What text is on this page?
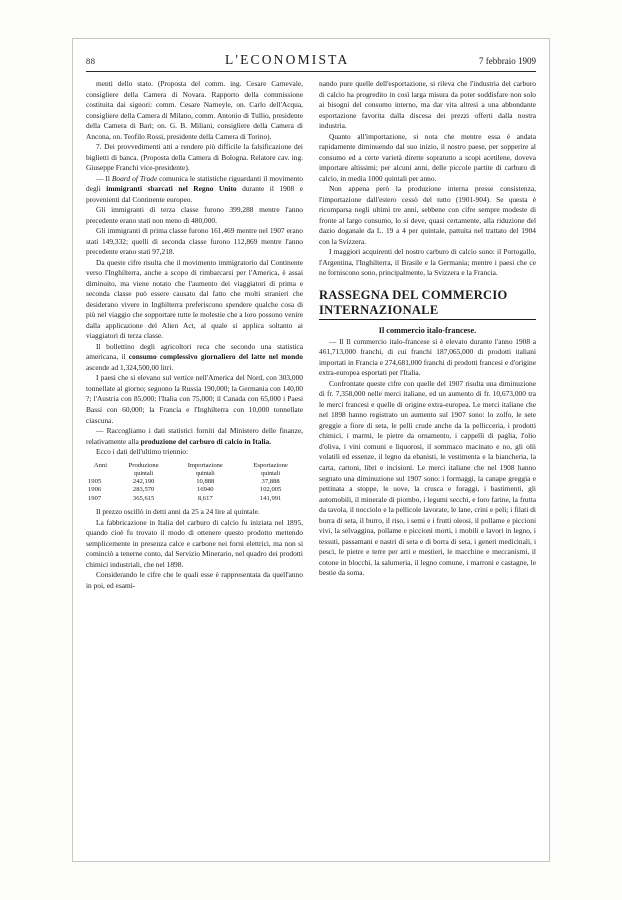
88	L'ECONOMISTA	7 febbraio 1909

menti dello stato. (Proposta del comm. ing. Cesare Carnevale, consigliere della Camera di Novara. Rapporto della commissione costituita dai signori: comm. Cesare Narneyle, on. Carlo dell'Acqua, consigliere della Camera di Milano, comm. Antonio di Tullio, presidente della Camera di Bari; on. G. B. Miliani, consigliere della Camera di Ancona, on. Teofilo Rossi, presidente della Camera di Torino).

7. Dei provvedimenti atti a rendere più difficile la falsificazione dei biglietti di banca. (Proposta della Camera di Bologna. Relatore cav. ing. Giuseppe Franchi vice-presidente).

— Il Board of Trade comunica le statistiche riguardanti il movimento degli immigranti sbarcati nel Regno Unito durante il 1908 e provenienti dal Continente europeo.

Gli immigranti di terza classe furono 399,288 mentre l'anno precedente erano stati non meno di 480,000.

Gli immigranti di prima classe furono 161,469 mentre nel 1907 erano stati 149,332; quelli di seconda classe furono 112,869 mentre l'anno precedente erano stati 97,218.

Da queste cifre risulta che il movimento immigratorio dal Continente verso l'Inghilterra, anche a scopo di rimbarcarsi per l'America, è assai diminuito, ma viene notato che l'aumento dei viaggiatori di prima e seconda classe può essere causato dal fatto che molti stranieri che desiderano vivere in Inghilterra preferiscono spendere qualche cosa di più nel viaggio che sopportare tutte le molestie che a loro possono venire dalla applicazione del Alien Act, al quale si applica soltanto ai viaggiatori di terza classe.

Il bollettino degli agricoltori reca che secondo una statistica americana, il consumo complessivo giornaliero del latte nel mondo ascende ad 1,324,500,00 litri.

I paesi che si elevano sul vertice nell'America del Nord, con 303,000 tonnellate al giorno; seguono la Russia 190,000; la Germania con 140,00 ?; l'Austria con 85,000; l'Italia con 75,000; il Canada con 65,000 i Paesi Bassi con 60,000; la Francia e l'Inghilterra con 10,000 tonnellate ciascuna.

— Raccogliamo i dati statistici forniti dal Ministero delle finanze, relativamente alla produzione del carburo di calcio in Italia.

Ecco i dati dell'ultimo triennio:

Anni	Produzione	Importazione	Esportazione
	quintali	quintali	quintali
1905	242,190	10,888	37,888
1906	283,570	16940	102,005
1907	365,615	8,617	141,991

Il prezzo oscillò in detti anni da 25 a 24 lire al quintale.

La fabbricazione in Italia del carburo di calcio fu iniziata nel 1895, quando cioè fu trovato il modo di ottenere questo prodotto mettendo semplicemente in presenza calce e carbone nei forni elettrici, ma non si cominciò a tenerne conto, dal Servizio Minerario, nel quadro dei prodotti chimici industriali, che nel 1898.

Considerando le cifre che le quali esse è rappresentata da quell'anno in poi, ed esami-

nando pure quelle dell'esportazione, si rileva che l'industria del carburo di calcio ha progredito in così larga misura da poter soddisfare non solo ai bisogni del consumo interno, ma dar vita altresì a una abbondante esportazione favorita dalla discesa dei prezzi offerti dalla nostra industria.

Quanto all'importazione, si nota che mentre essa è andata rapidamente diminuendo dal suo inizio, il nostro paese, per sopperire al consumo ed a certe varietà dirette sopratutto a scopi acetilene, doveva importare altissimi; per alcuni anni, delle piccole partite di carburo di calcio, in media 1000 quintali per anno.

Non appena però la produzione interna presse consistenza, l'importazione dall'estero cessò del tutto (1901-904). Se questa è ricomparsa negli ultimi tre anni, sebbene con cifre sempre modeste di fronte al largo consumo, lo si deve, quasi certamente, alla riduzione del dazio doganale da L. 19 a 4 per quintale, pattuita nel trattato del 1904 con la Svizzera.

I maggiori acquirenti del nostro carburo di calcio sono: il Portogallo, l'Argentina, l'Inghilterra, il Brasile e la Germania; mentre i paesi che ce ne forniscono sono, principalmente, la Svizzera e la Francia.

RASSEGNA DEL COMMERCIO INTERNAZIONALE
Il commercio italo-francese.

— Il Il commercio italo-francese si è elevato durante l'anno 1908 a 461,713,000 franchi, di cui franchi 187,065,000 di prodotti italiani importati in Francia e 274,681,000 franchi di prodotti francesi e d'origine extra-europea esportati per l'Italia.

Confrontate queste cifre con quelle del 1907 risulta una diminuzione di fr. 7,358,000 nelle merci italiane, ed un aumento di fr. 10,673,000 tra le merci francesi e quelle di origine extra-europea. Le merci italiane che nel 1898 hanno registrato un aumento sul 1907 sono: lo zolfo, le sete greggie a fiore di seta, le pelli crude anche da la pellicceria, i prodotti chimici, i marmi, le pietre da ornamento, i cappelli di paglia, l'olio d'oliva, i vini comuni e liquorosi, il sommaco macinato e no, gli olii volatili ed essenze, il legno da ebanisti, le vestimenta e la biancheria, la carta, cartoni, libri e incisioni. Le merci italiane che nel 1908 hanno segnato una diminuzione sul 1907 sono: i formaggi, la canape greggia e pettinata a stoppe, le uove, la crusca e foraggi, i bastimenti, gli automobili, il minerale di piombo, i legumi secchi, e loro farine, la frutta da tavola, il nocciolo e la pellicole lavorate, le lane, crini e peli; i filati di borra di seta, il burro, il riso, i semi e i frutti oleosi, il pollame e piccioni vivi, la selvaggina, pollame e piccioni morti, i mobili e lavori in legno, i tessuti, passamani e nastri di seta e di borra di seta, i generi medicinali, i pesci, le pietre e terre per arti e mestieri, le macchine e meccanismi, il cotone in blocchi, la salumeria, il legno comune, i marroni e castagne, le bestie da soma.
